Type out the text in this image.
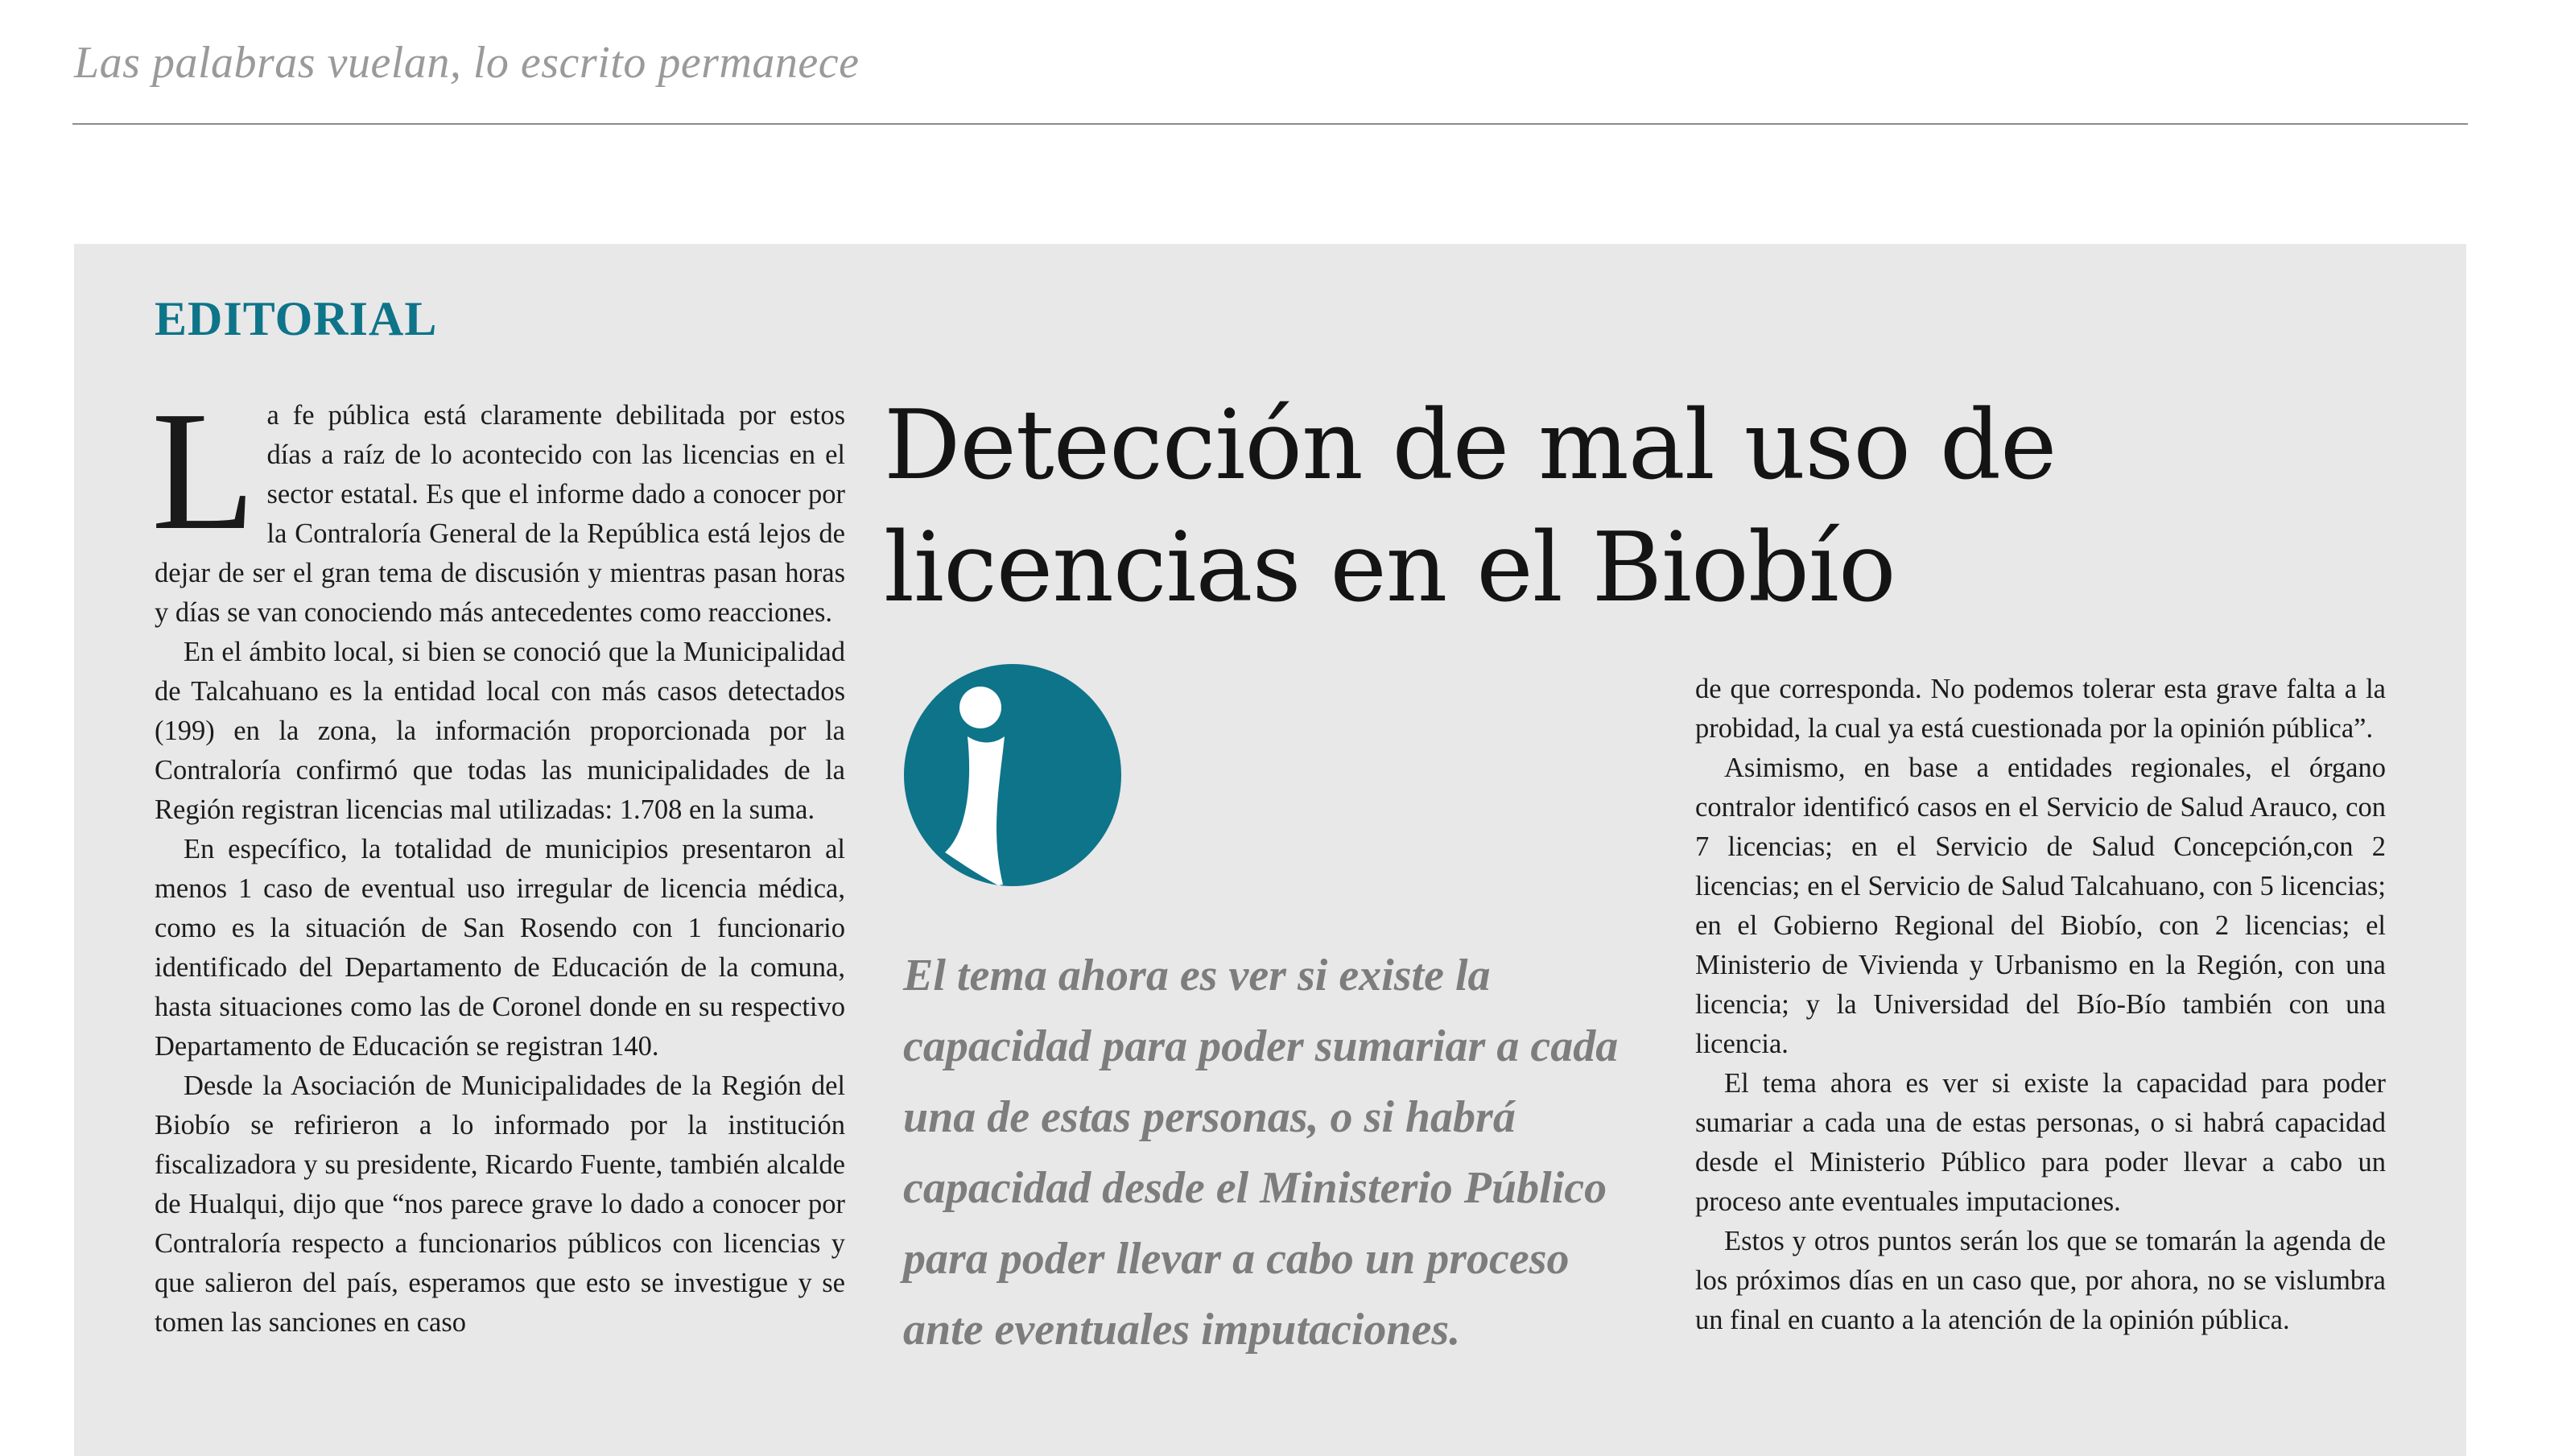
Las palabras vuelan, lo escrito permanece
EDITORIAL

La fe pública está claramente debilitada por estos días a raíz de lo acontecido con las licencias en el sector estatal. Es que el informe dado a conocer por la Contraloría General de la República está lejos de dejar de ser el gran tema de discusión y mientras pasan horas y días se van conociendo más antecedentes como reacciones.

En el ámbito local, si bien se conoció que la Municipalidad de Talcahuano es la entidad local con más casos detectados (199) en la zona, la información proporcionada por la Contraloría confirmó que todas las municipalidades de la Región registran licencias mal utilizadas: 1.708 en la suma.

En específico, la totalidad de municipios presentaron al menos 1 caso de eventual uso irregular de licencia médica, como es la situación de San Rosendo con 1 funcionario identificado del Departamento de Educación de la comuna, hasta situaciones como las de Coronel donde en su respectivo Departamento de Educación se registran 140.

Desde la Asociación de Municipalidades de la Región del Biobío se refirieron a lo informado por la institución fiscalizadora y su presidente, Ricardo Fuente, también alcalde de Hualqui, dijo que “nos parece grave lo dado a conocer por Contraloría respecto a funcionarios públicos con licencias y que salieron del país, esperamos que esto se investigue y se tomen las sanciones en caso

Detección de mal uso de licencias en el Biobío
El tema ahora es ver si existe la capacidad para poder sumariar a cada una de estas personas, o si habrá capacidad desde el Ministerio Público para poder llevar a cabo un proceso ante eventuales imputaciones.

de que corresponda. No podemos tolerar esta grave falta a la probidad, la cual ya está cuestionada por la opinión pública”.

Asimismo, en base a entidades regionales, el órgano contralor identificó casos en el Servicio de Salud Arauco, con 7 licencias; en el Servicio de Salud Concepción,con 2 licencias; en el Servicio de Salud Talcahuano, con 5 licencias; en el Gobierno Regional del Biobío, con 2 licencias; el Ministerio de Vivienda y Urbanismo en la Región, con una licencia; y la Universidad del Bío-Bío también con una licencia.

El tema ahora es ver si existe la capacidad para poder sumariar a cada una de estas personas, o si habrá capacidad desde el Ministerio Público para poder llevar a cabo un proceso ante eventuales imputaciones.

Estos y otros puntos serán los que se tomarán la agenda de los próximos días en un caso que, por ahora, no se vislumbra un final en cuanto a la atención de la opinión pública.
